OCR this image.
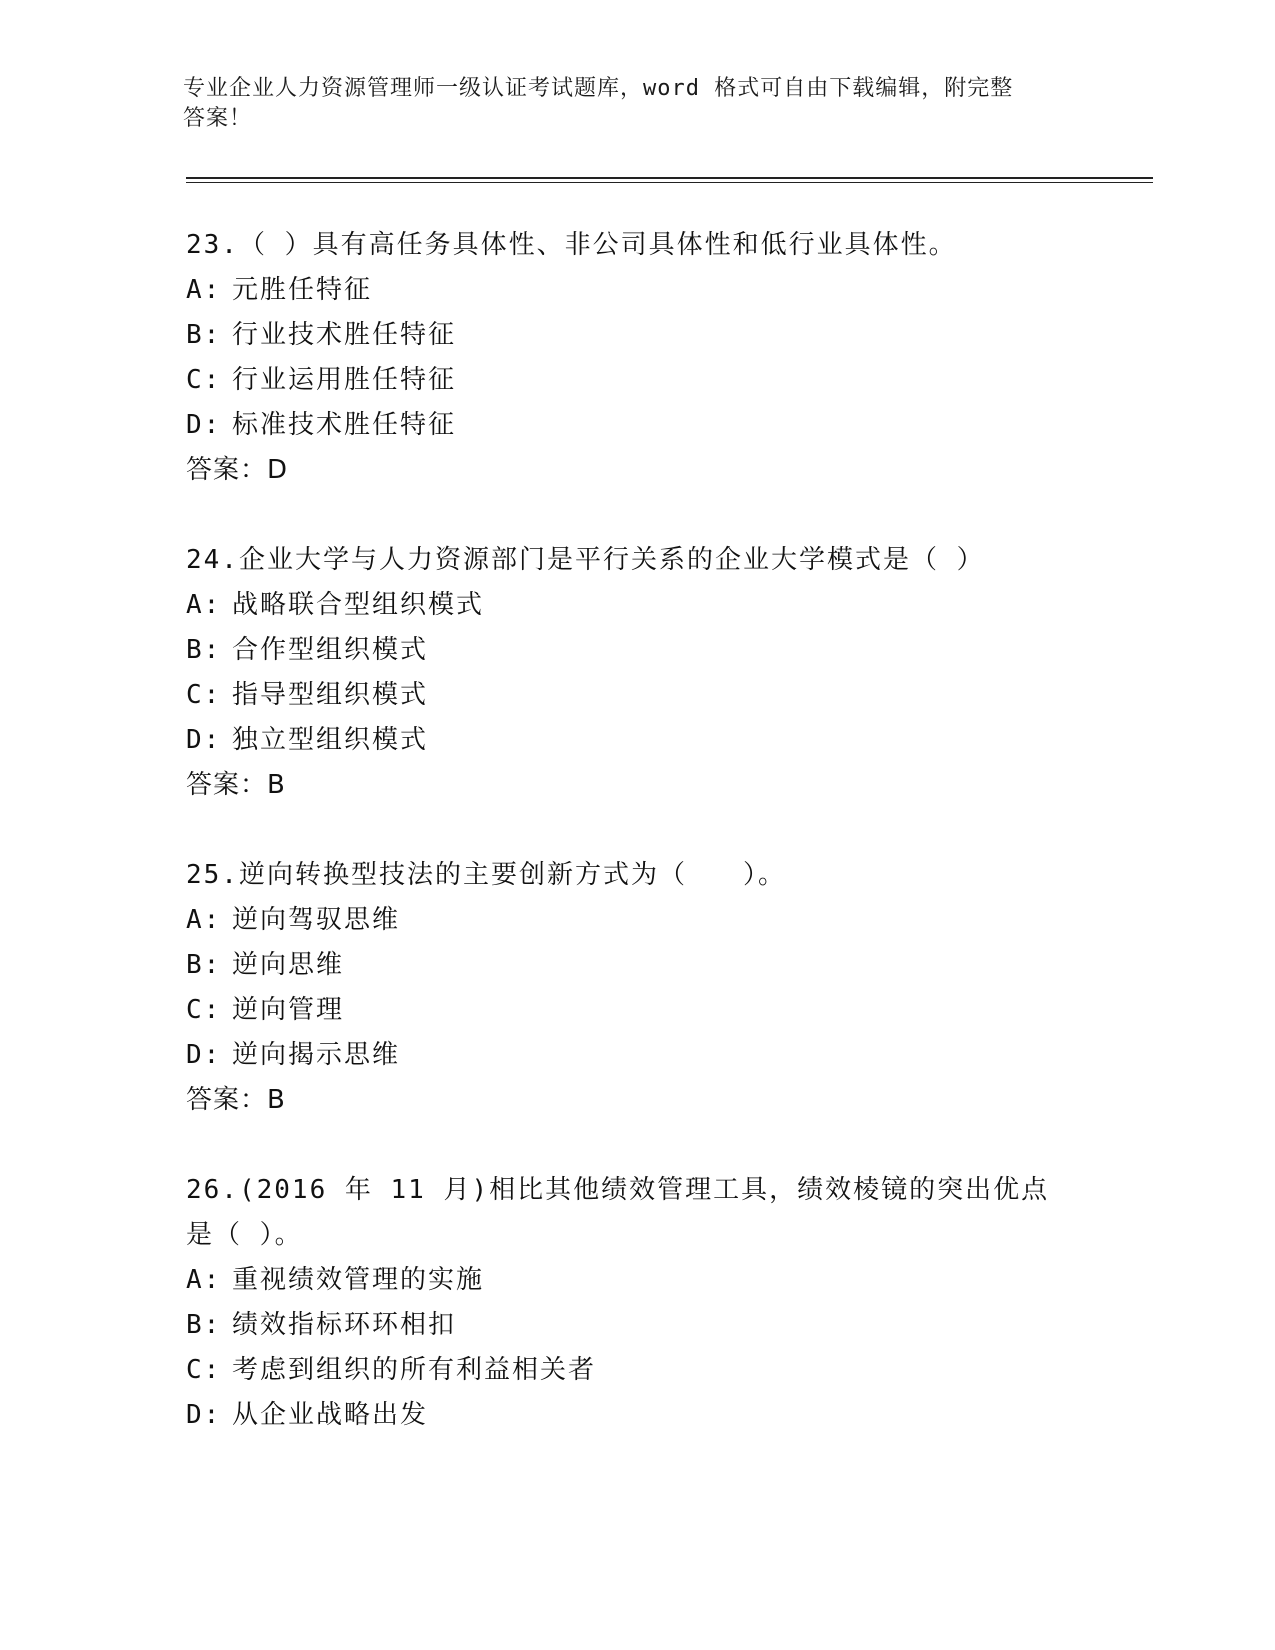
专业企业人力资源管理师一级认证考试题库，word 格式可自由下载编辑，附完整
答案！
23.（ ）具有高任务具体性、非公司具体性和低行业具体性。
A: 元胜任特征
B: 行业技术胜任特征
C: 行业运用胜任特征
D: 标准技术胜任特征
答案：D
24.企业大学与人力资源部门是平行关系的企业大学模式是（ ）
A: 战略联合型组织模式
B: 合作型组织模式
C: 指导型组织模式
D: 独立型组织模式
答案：B
25.逆向转换型技法的主要创新方式为（　　）。
A: 逆向驾驭思维
B: 逆向思维
C: 逆向管理
D: 逆向揭示思维
答案：B
26.(2016 年 11 月)相比其他绩效管理工具，绩效棱镜的突出优点是（ ）。
A: 重视绩效管理的实施
B: 绩效指标环环相扣
C: 考虑到组织的所有利益相关者
D: 从企业战略出发
